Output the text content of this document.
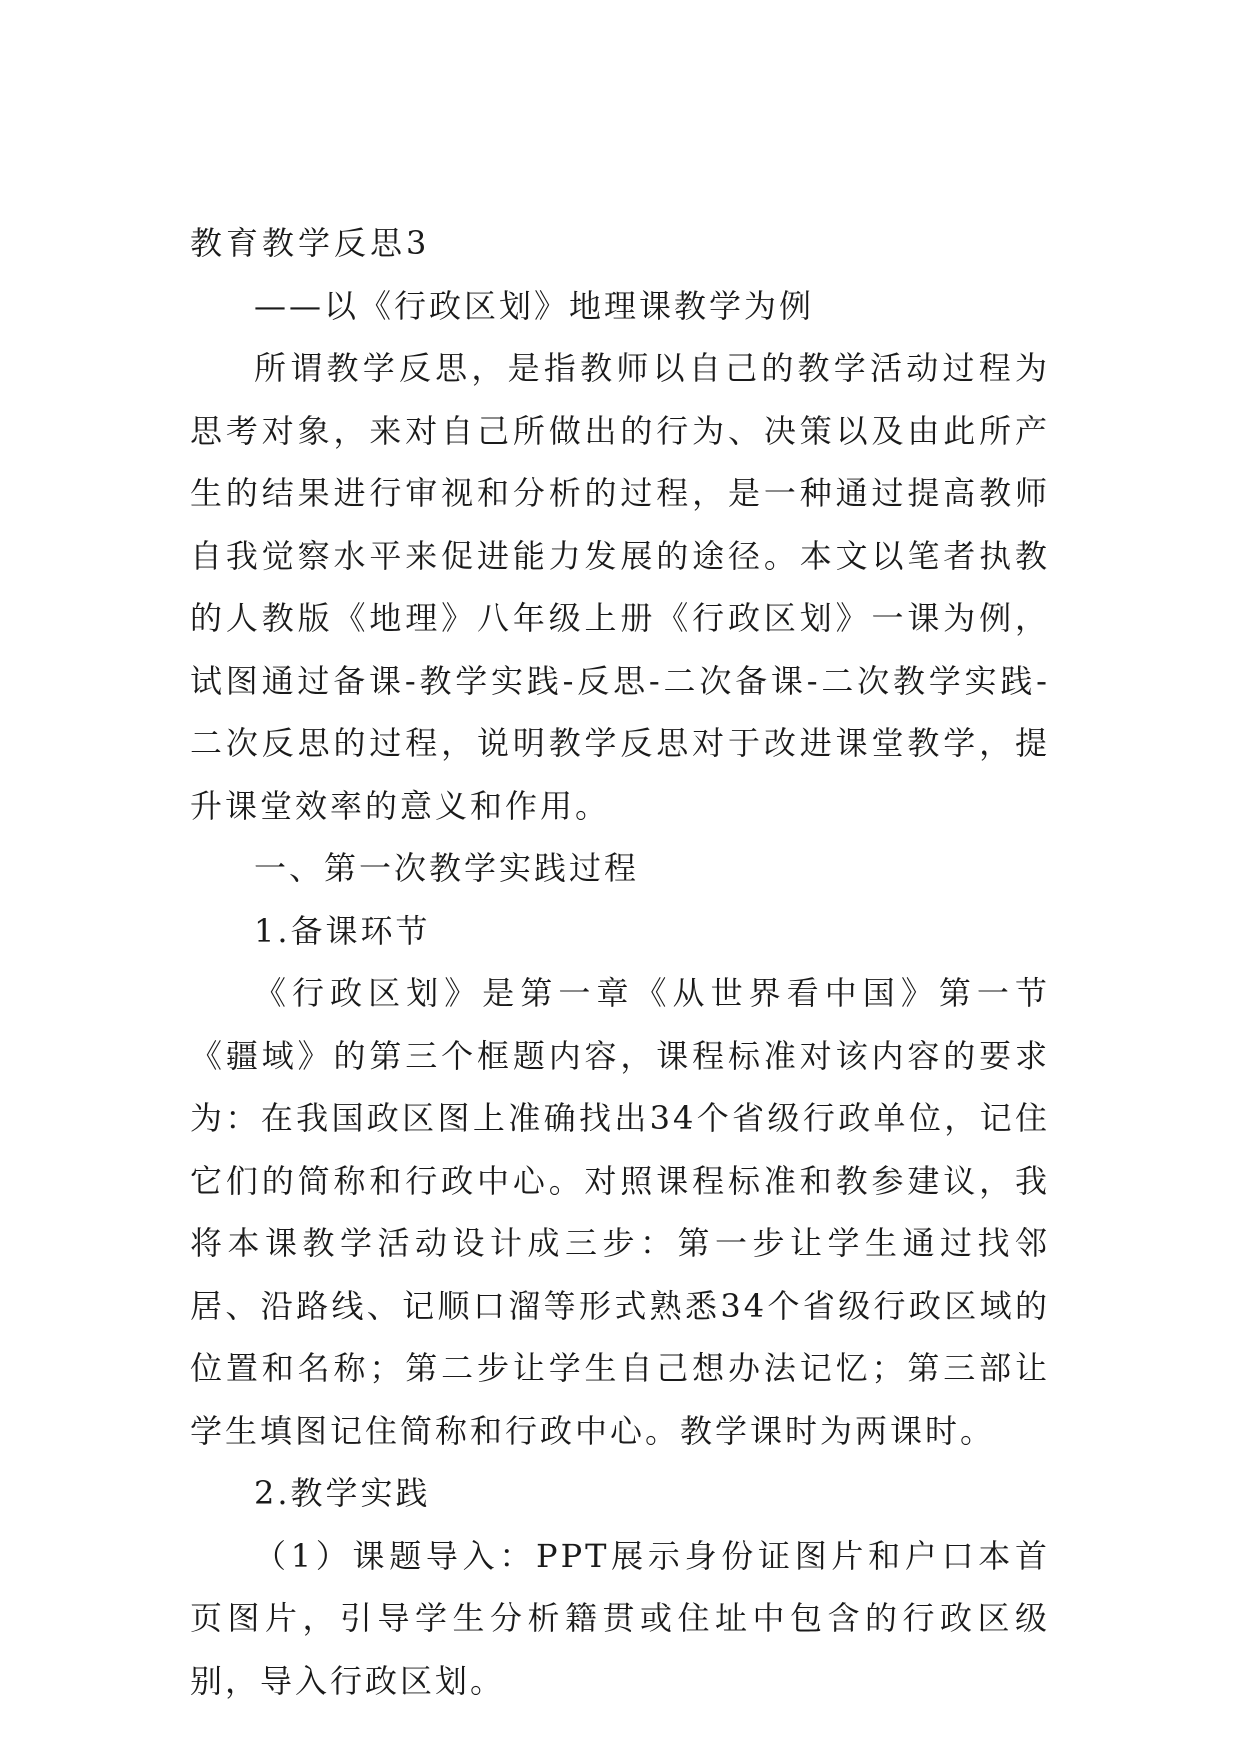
教育教学反思3

——以《行政区划》地理课教学为例

所谓教学反思，是指教师以自己的教学活动过程为思考对象，来对自己所做出的行为、决策以及由此所产生的结果进行审视和分析的过程，是一种通过提高教师自我觉察水平来促进能力发展的途径。本文以笔者执教的人教版《地理》八年级上册《行政区划》一课为例，试图通过备课-教学实践-反思-二次备课-二次教学实践-二次反思的过程，说明教学反思对于改进课堂教学，提升课堂效率的意义和作用。

一、第一次教学实践过程

1.备课环节

《行政区划》是第一章《从世界看中国》第一节《疆域》的第三个框题内容，课程标准对该内容的要求为：在我国政区图上准确找出34个省级行政单位，记住它们的简称和行政中心。对照课程标准和教参建议，我将本课教学活动设计成三步：第一步让学生通过找邻居、沿路线、记顺口溜等形式熟悉34个省级行政区域的位置和名称；第二步让学生自己想办法记忆；第三部让学生填图记住简称和行政中心。教学课时为两课时。

2.教学实践

（1）课题导入：PPT展示身份证图片和户口本首页图片，引导学生分析籍贯或住址中包含的行政区级别，导入行政区划。
